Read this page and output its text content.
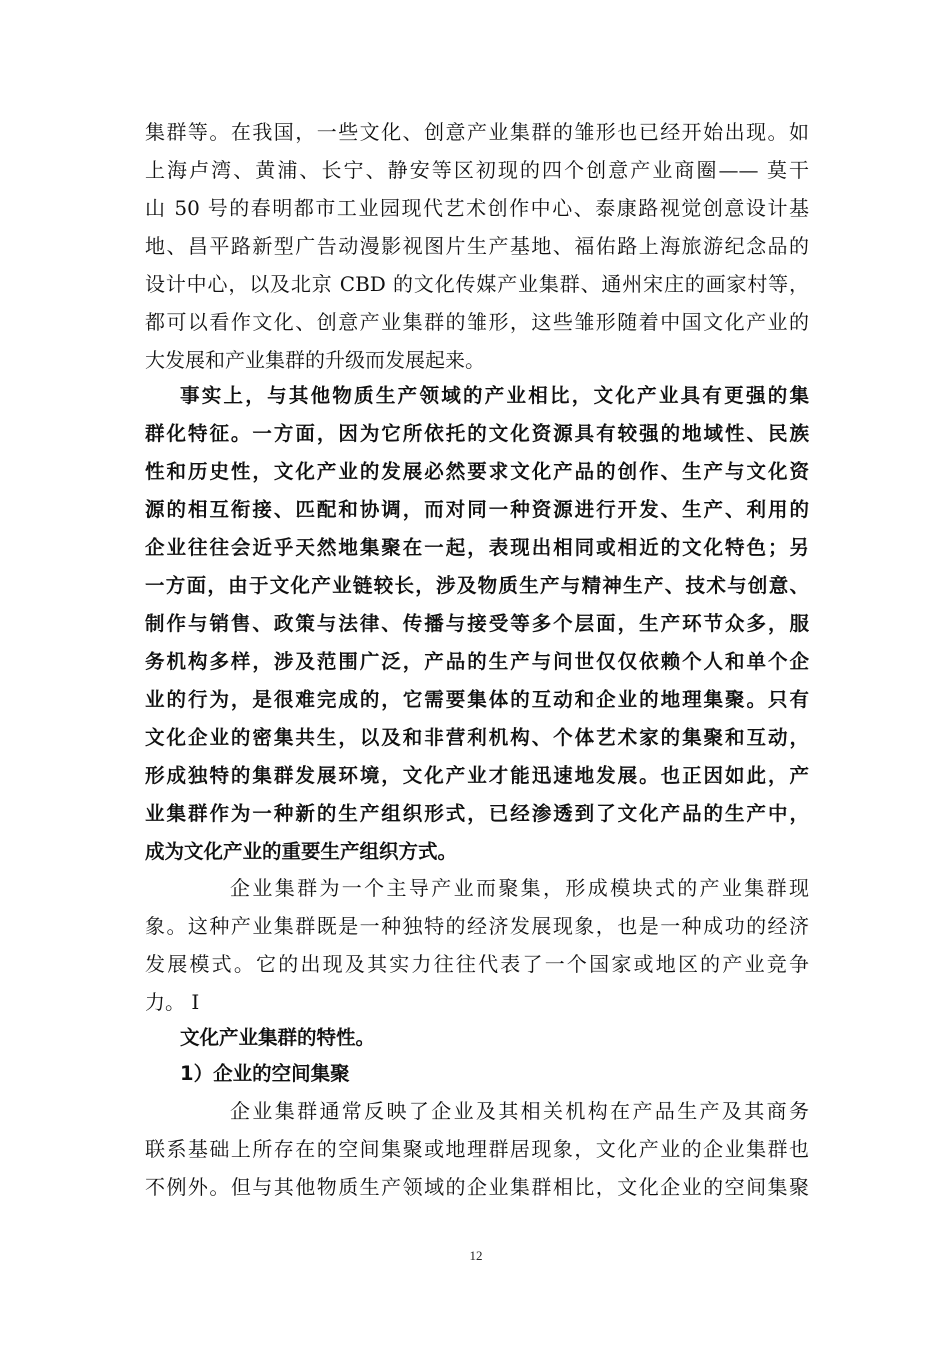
集群等。在我国，一些文化、创意产业集群的雏形也已经开始出现。如
上海卢湾、黄浦、长宁、静安等区初现的四个创意产业商圈—— 莫干
山 50 号的春明都市工业园现代艺术创作中心、泰康路视觉创意设计基
地、昌平路新型广告动漫影视图片生产基地、福佑路上海旅游纪念品的
设计中心，以及北京 CBD 的文化传媒产业集群、通州宋庄的画家村等，
都可以看作文化、创意产业集群的雏形，这些雏形随着中国文化产业的
大发展和产业集群的升级而发展起来。
事实上，与其他物质生产领域的产业相比，文化产业具有更强的集
群化特征。一方面，因为它所依托的文化资源具有较强的地域性、民族
性和历史性，文化产业的发展必然要求文化产品的创作、生产与文化资
源的相互衔接、匹配和协调，而对同一种资源进行开发、生产、利用的
企业往往会近乎天然地集聚在一起，表现出相同或相近的文化特色；另
一方面，由于文化产业链较长，涉及物质生产与精神生产、技术与创意、
制作与销售、政策与法律、传播与接受等多个层面，生产环节众多，服
务机构多样，涉及范围广泛，产品的生产与问世仅仅依赖个人和单个企
业的行为，是很难完成的，它需要集体的互动和企业的地理集聚。只有
文化企业的密集共生，以及和非营利机构、个体艺术家的集聚和互动，
形成独特的集群发展环境，文化产业才能迅速地发展。也正因如此，产
业集群作为一种新的生产组织形式，已经渗透到了文化产品的生产中，
成为文化产业的重要生产组织方式。
企业集群为一个主导产业而聚集，形成模块式的产业集群现
象。这种产业集群既是一种独特的经济发展现象，也是一种成功的经济
发展模式。它的出现及其实力往往代表了一个国家或地区的产业竞争
力。 I
文化产业集群的特性。
1）企业的空间集聚
企业集群通常反映了企业及其相关机构在产品生产及其商务
联系基础上所存在的空间集聚或地理群居现象，文化产业的企业集群也
不例外。但与其他物质生产领域的企业集群相比，文化企业的空间集聚
12
